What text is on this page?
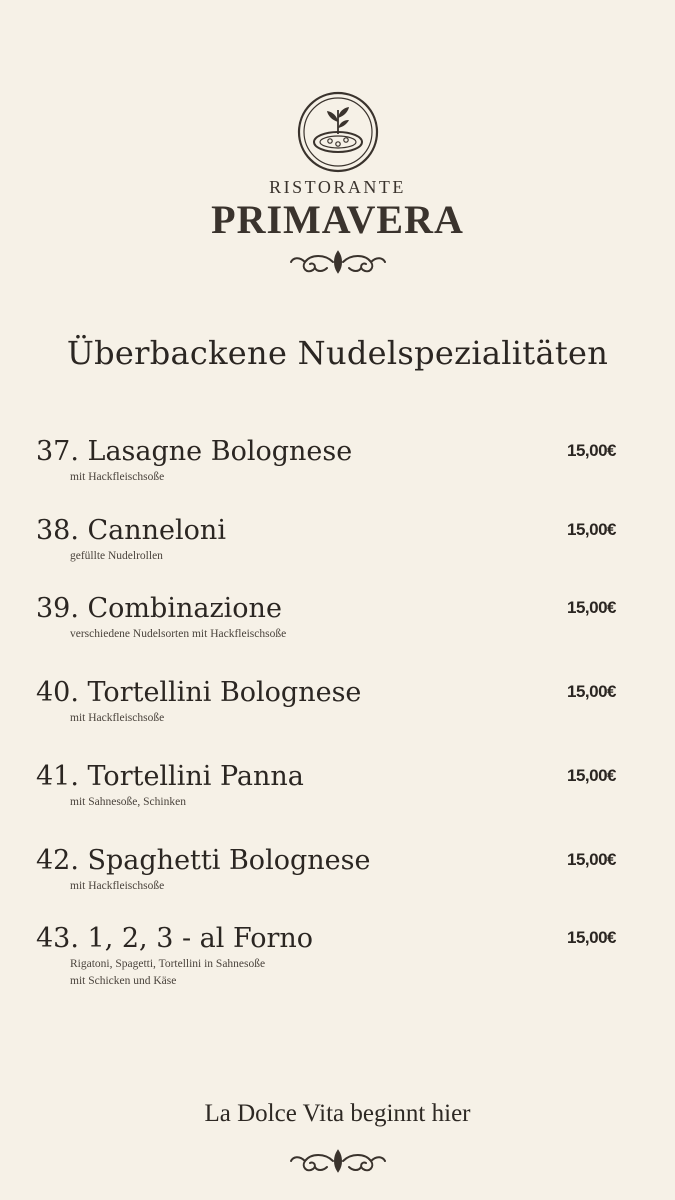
RISTORANTE
PRIMAVERA
Überbackene Nudelspezialitäten
37. Lasagne Bolognese
mit Hackfleischsoße
15,00€
38. Canneloni
gefüllte Nudelrollen
15,00€
39. Combinazione
verschiedene Nudelsorten mit Hackfleischsoße
15,00€
40. Tortellini Bolognese
mit Hackfleischsoße
15,00€
41. Tortellini Panna
mit Sahnesoße, Schinken
15,00€
42. Spaghetti Bolognese
mit Hackfleischsoße
15,00€
43. 1, 2, 3 - al Forno
Rigatoni, Spagetti, Tortellini in Sahnesoße
mit Schicken und Käse
15,00€
La Dolce Vita beginnt hier
